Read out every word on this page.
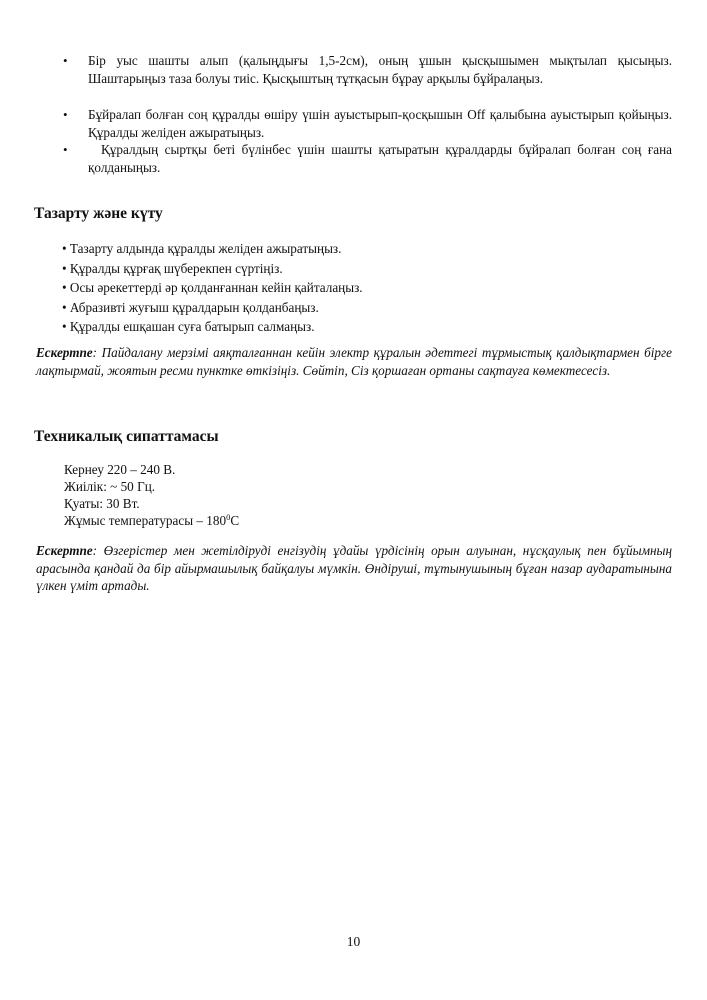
• Бір уыс шашты алып (қалыңдығы 1,5-2см), оның ұшын қысқышымен мықтылап қысыңыз. Шаштарыңыз таза болуы тиіс. Қысқыштың тұтқасын бұрау арқылы бұйралаңыз.
• Бұйралап болған соң құралды өшіру үшін ауыстырып-қосқышын Off қалыбына ауыстырып қойыңыз. Құралды желіден ажыратыңыз.
• Құралдың сыртқы беті бүлінбес үшін шашты қатыратын құралдарды бұйралап болған соң ғана қолданыңыз.
Тазарту және күту
• Тазарту алдында құралды желіден ажыратыңыз.
• Құралды құрғақ шүберекпен сүртіңіз.
• Осы әрекеттерді әр қолданғаннан кейін қайталаңыз.
• Абразивті жуғыш құралдарын қолданбаңыз.
• Құралды ешқашан суға батырып салмаңыз.
Ескертпе: Пайдалану мерзімі аяқталғаннан кейін электр құралын әдеттегі тұрмыстық қалдықтармен бірге лақтырмай, жоятын ресми пунктке өткізіңіз. Сөйтіп, Сіз қоршаған ортаны сақтауға көмектесесіз.
Техникалық сипаттамасы
Кернеу 220 – 240 В.
Жиілік: ~ 50 Гц.
Қуаты: 30 Вт.
Жұмыс температурасы – $180^0С$
Ескертпе: Өзгерістер мен жетілдіруді енгізудің ұдайы үрдісінің орын алуынан, нұсқаулық пен бұйымның арасында қандай да бір айырмашылық байқалуы мүмкін. Өндіруші, тұтынушының бұған назар аударатынына үлкен үміт артады.
10
